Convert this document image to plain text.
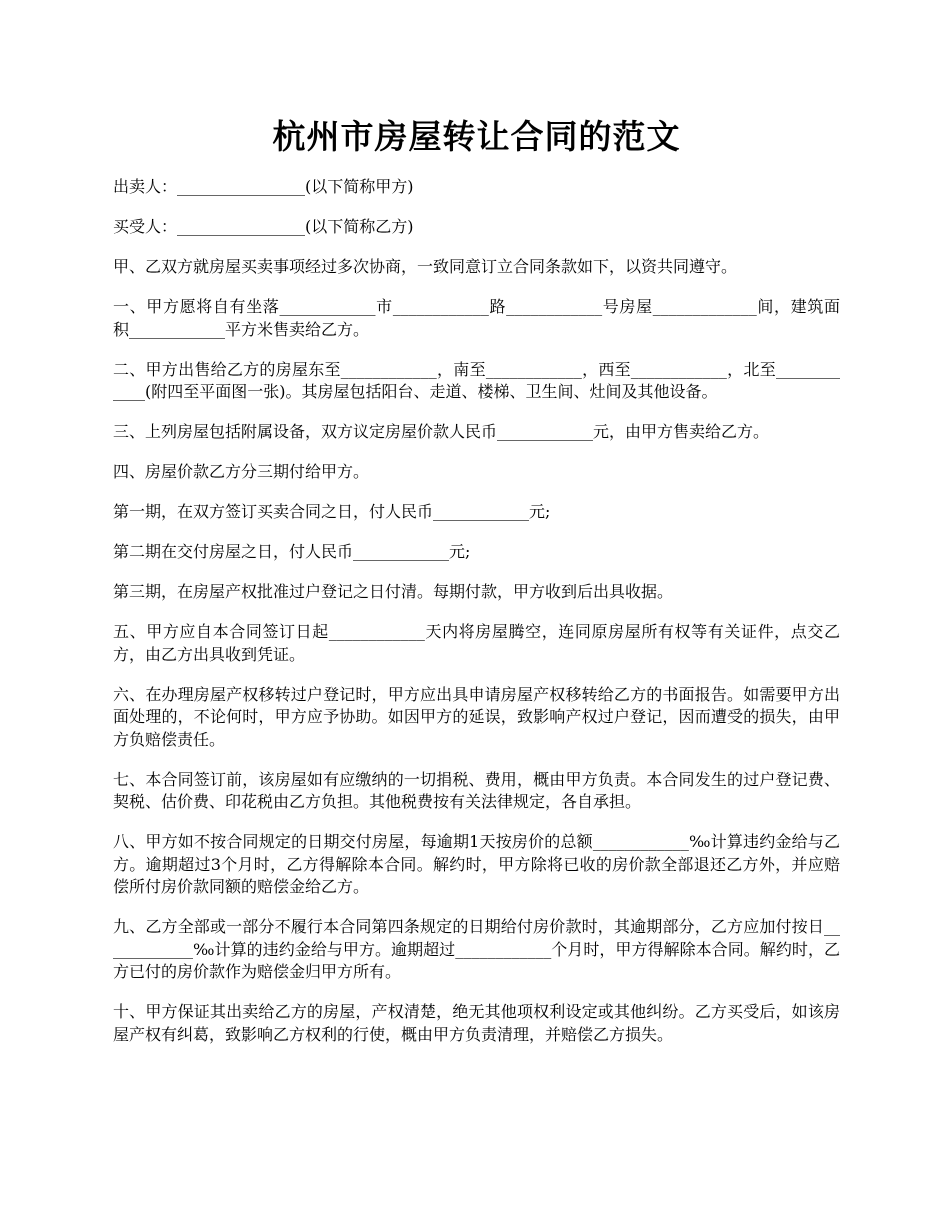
杭州市房屋转让合同的范文

出卖人：________________(以下简称甲方)

买受人：________________(以下简称乙方)

甲、乙双方就房屋买卖事项经过多次协商，一致同意订立合同条款如下，以资共同遵守。

一、甲方愿将自有坐落____________市____________路____________号房屋_____________间，建筑面积____________平方米售卖给乙方。

二、甲方出售给乙方的房屋东至____________，南至____________，西至____________，北至____________(附四至平面图一张)。其房屋包括阳台、走道、楼梯、卫生间、灶间及其他设备。

三、上列房屋包括附属设备，双方议定房屋价款人民币____________元，由甲方售卖给乙方。

四、房屋价款乙方分三期付给甲方。

第一期，在双方签订买卖合同之日，付人民币____________元;

第二期在交付房屋之日，付人民币____________元;

第三期，在房屋产权批准过户登记之日付清。每期付款，甲方收到后出具收据。

五、甲方应自本合同签订日起____________天内将房屋腾空，连同原房屋所有权等有关证件，点交乙方，由乙方出具收到凭证。

六、在办理房屋产权移转过户登记时，甲方应出具申请房屋产权移转给乙方的书面报告。如需要甲方出面处理的，不论何时，甲方应予协助。如因甲方的延误，致影响产权过户登记，因而遭受的损失，由甲方负赔偿责任。

七、本合同签订前，该房屋如有应缴纳的一切捐税、费用，概由甲方负责。本合同发生的过户登记费、契税、估价费、印花税由乙方负担。其他税费按有关法律规定，各自承担。

八、甲方如不按合同规定的日期交付房屋，每逾期1天按房价的总额____________‰计算违约金给与乙方。逾期超过3个月时，乙方得解除本合同。解约时，甲方除将已收的房价款全部退还乙方外，并应赔偿所付房价款同额的赔偿金给乙方。

九、乙方全部或一部分不履行本合同第四条规定的日期给付房价款时，其逾期部分，乙方应加付按日____________‰计算的违约金给与甲方。逾期超过____________个月时，甲方得解除本合同。解约时，乙方已付的房价款作为赔偿金归甲方所有。

十、甲方保证其出卖给乙方的房屋，产权清楚，绝无其他项权利设定或其他纠纷。乙方买受后，如该房屋产权有纠葛，致影响乙方权利的行使，概由甲方负责清理，并赔偿乙方损失。
